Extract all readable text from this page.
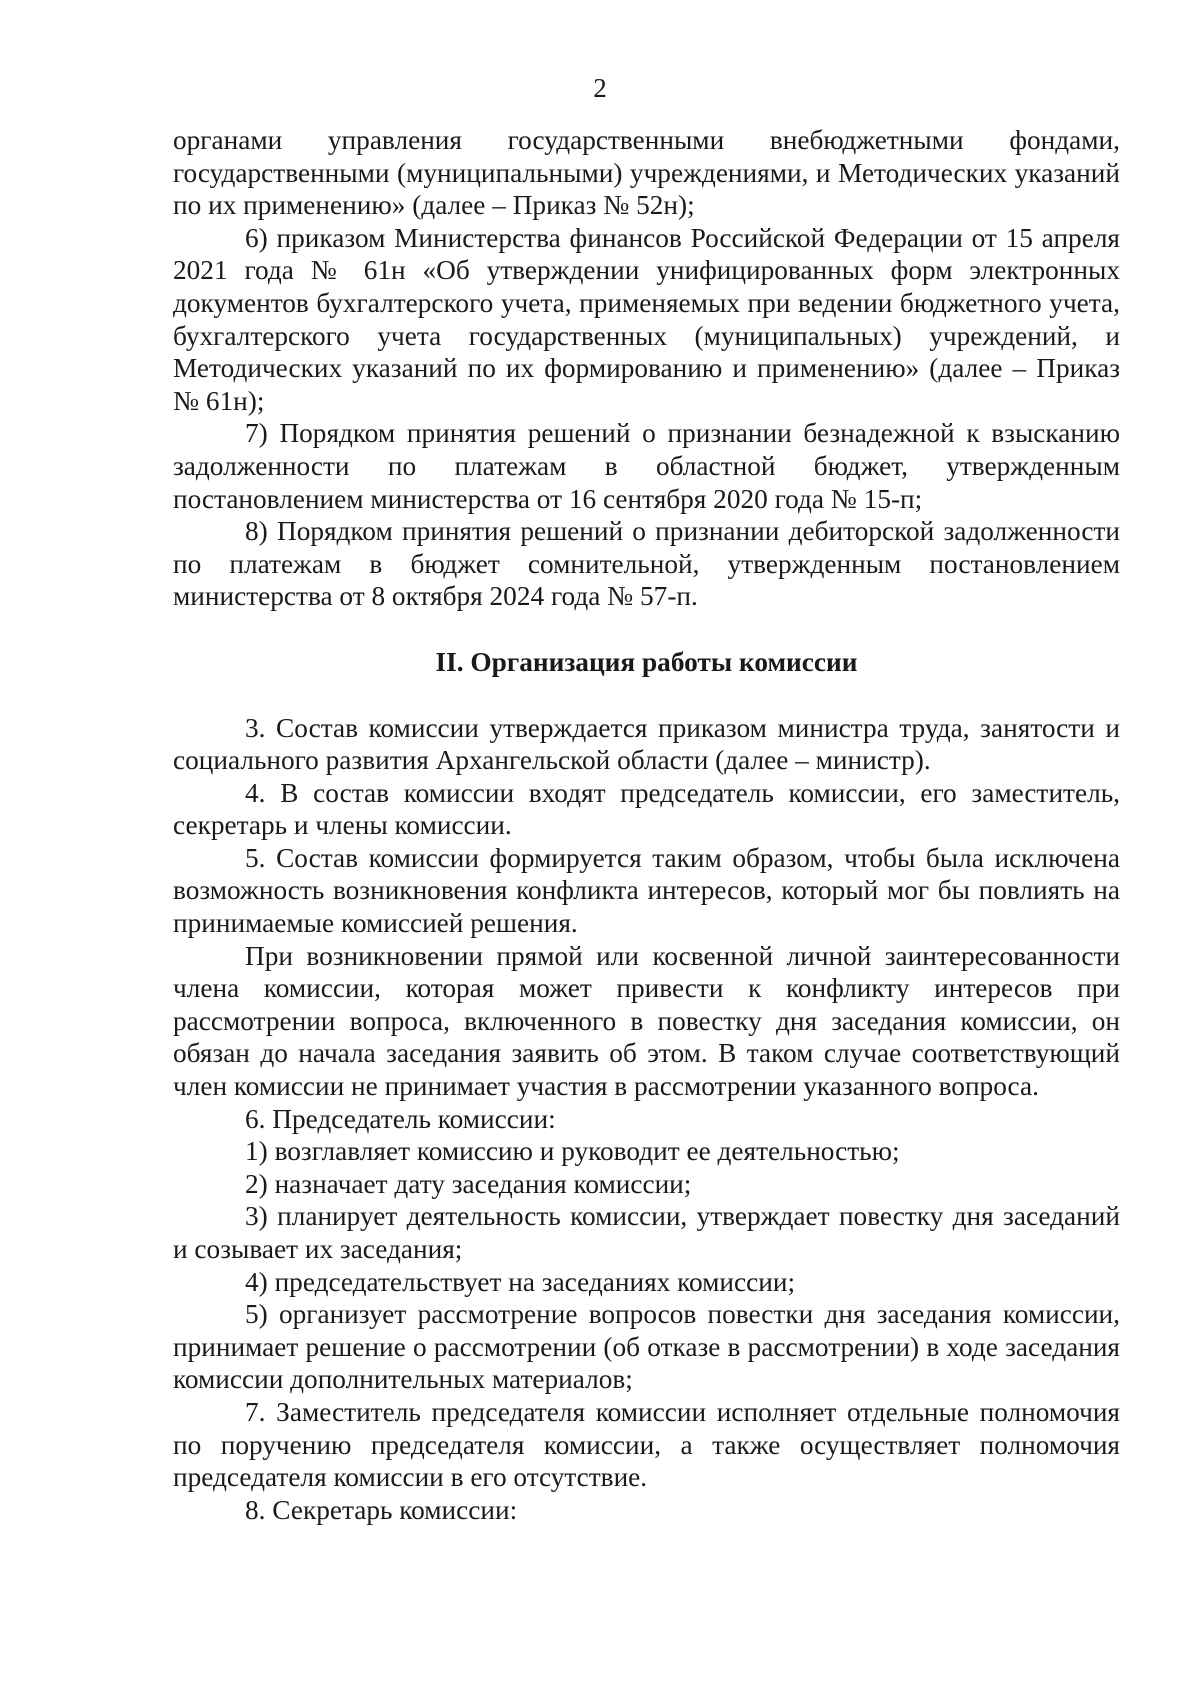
2

органами управления государственными внебюджетными фондами, государственными (муниципальными) учреждениями, и Методических указаний по их применению» (далее – Приказ № 52н);

6) приказом Министерства финансов Российской Федерации от 15 апреля 2021 года № 61н «Об утверждении унифицированных форм электронных документов бухгалтерского учета, применяемых при ведении бюджетного учета, бухгалтерского учета государственных (муниципальных) учреждений, и Методических указаний по их формированию и применению» (далее – Приказ № 61н);

7) Порядком принятия решений о признании безнадежной к взысканию задолженности по платежам в областной бюджет, утвержденным постановлением министерства от 16 сентября 2020 года № 15-п;

8) Порядком принятия решений о признании дебиторской задолженности по платежам в бюджет сомнительной, утвержденным постановлением министерства от 8 октября 2024 года № 57-п.

II. Организация работы комиссии

3. Состав комиссии утверждается приказом министра труда, занятости и социального развития Архангельской области (далее – министр).

4. В состав комиссии входят председатель комиссии, его заместитель, секретарь и члены комиссии.

5. Состав комиссии формируется таким образом, чтобы была исключена возможность возникновения конфликта интересов, который мог бы повлиять на принимаемые комиссией решения.

При возникновении прямой или косвенной личной заинтересованности члена комиссии, которая может привести к конфликту интересов при рассмотрении вопроса, включенного в повестку дня заседания комиссии, он обязан до начала заседания заявить об этом. В таком случае соответствующий член комиссии не принимает участия в рассмотрении указанного вопроса.

6. Председатель комиссии:

1) возглавляет комиссию и руководит ее деятельностью;

2) назначает дату заседания комиссии;

3) планирует деятельность комиссии, утверждает повестку дня заседаний и созывает их заседания;

4) председательствует на заседаниях комиссии;

5) организует рассмотрение вопросов повестки дня заседания комиссии, принимает решение о рассмотрении (об отказе в рассмотрении) в ходе заседания комиссии дополнительных материалов;

7. Заместитель председателя комиссии исполняет отдельные полномочия по поручению председателя комиссии, а также осуществляет полномочия председателя комиссии в его отсутствие.

8. Секретарь комиссии:
